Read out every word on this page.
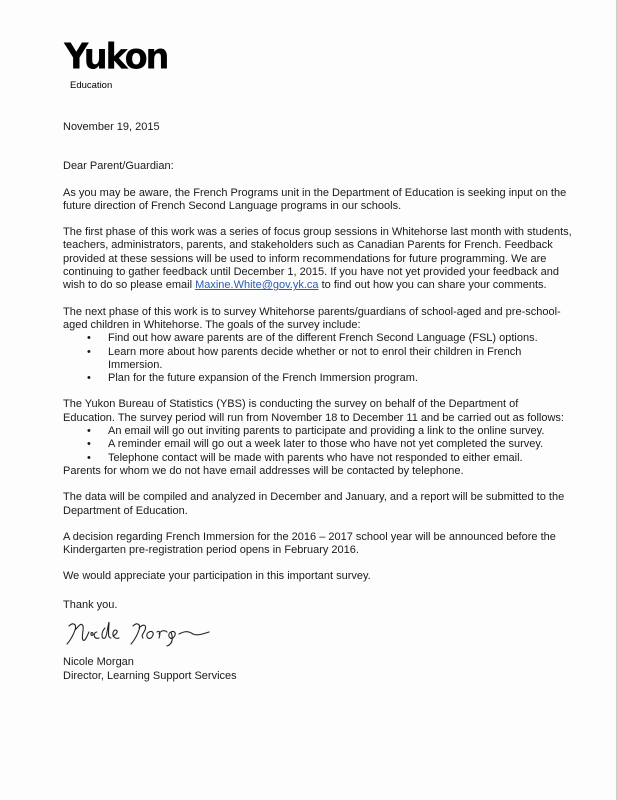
Yukon
Education

November 19, 2015

Dear Parent/Guardian:

As you may be aware, the French Programs unit in the Department of Education is seeking input on the future direction of French Second Language programs in our schools.

The first phase of this work was a series of focus group sessions in Whitehorse last month with students, teachers, administrators, parents, and stakeholders such as Canadian Parents for French. Feedback provided at these sessions will be used to inform recommendations for future programming. We are continuing to gather feedback until December 1, 2015. If you have not yet provided your feedback and wish to do so please email Maxine.White@gov.yk.ca to find out how you can share your comments.

The next phase of this work is to survey Whitehorse parents/guardians of school-aged and pre-school-aged children in Whitehorse. The goals of the survey include:

• Find out how aware parents are of the different French Second Language (FSL) options.
• Learn more about how parents decide whether or not to enrol their children in French Immersion.
• Plan for the future expansion of the French Immersion program.

The Yukon Bureau of Statistics (YBS) is conducting the survey on behalf of the Department of Education. The survey period will run from November 18 to December 11 and be carried out as follows:

• An email will go out inviting parents to participate and providing a link to the online survey.
• A reminder email will go out a week later to those who have not yet completed the survey.
• Telephone contact will be made with parents who have not responded to either email.

Parents for whom we do not have email addresses will be contacted by telephone.

The data will be compiled and analyzed in December and January, and a report will be submitted to the Department of Education.

A decision regarding French Immersion for the 2016 – 2017 school year will be announced before the Kindergarten pre-registration period opens in February 2016.

We would appreciate your participation in this important survey.

Thank you.
Nicole Morgan
Director, Learning Support Services
